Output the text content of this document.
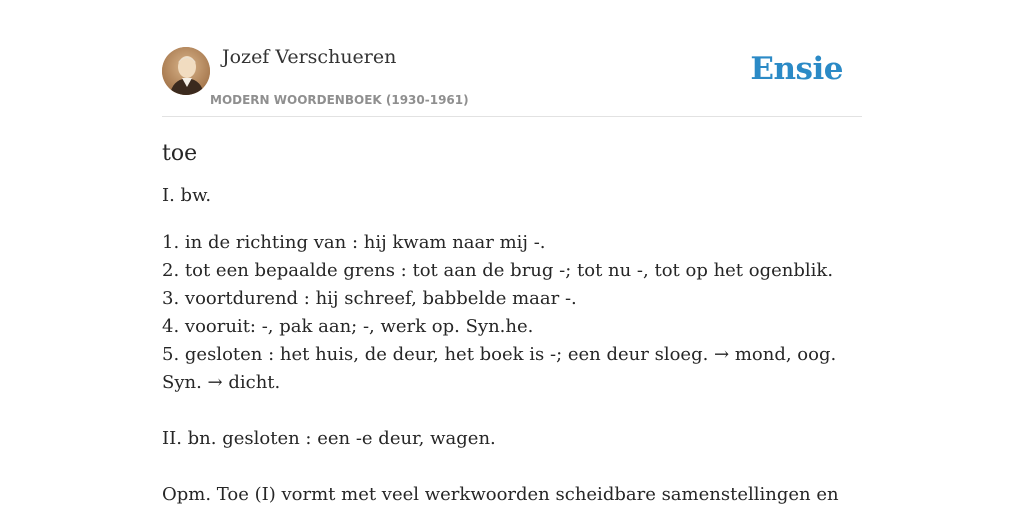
Jozef Verschueren
MODERN WOORDENBOEK (1930-1961)
Ensie
toe

I. bw.

1. in de richting van : hij kwam naar mij -.
2. tot een bepaalde grens : tot aan de brug -; tot nu -, tot op het ogenblik.
3. voortdurend : hij schreef, babbelde maar -.
4. vooruit: -, pak aan; -, werk op. Syn.he.
5. gesloten : het huis, de deur, het boek is -; een deur sloeg. → mond, oog. Syn. → dicht.

II. bn. gesloten : een -e deur, wagen.

Opm. Toe (I) vormt met veel werkwoorden scheidbare samenstellingen en
